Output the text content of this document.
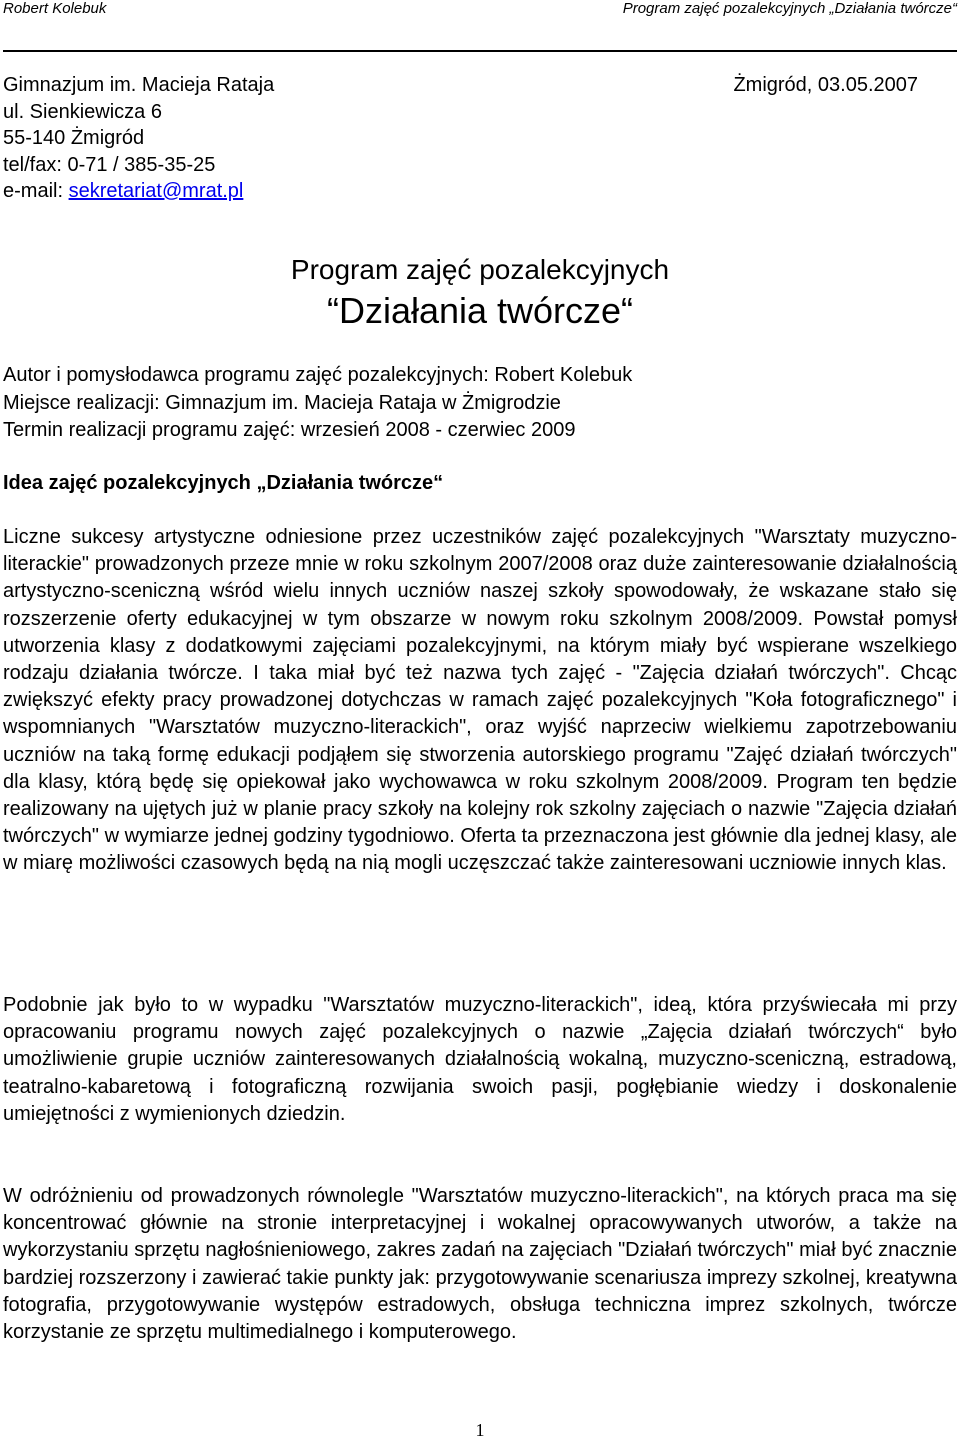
Robert Kolebuk	Program zajęć pozalekcyjnych „Działania twórcze“
Gimnazjum im. Macieja Rataja
ul. Sienkiewicza 6
55-140 Żmigród
tel/fax: 0-71 / 385-35-25
e-mail: sekretariat@mrat.pl
Żmigród, 03.05.2007
Program zajęć pozalekcyjnych
“Działania twórcze“
Autor i pomysłodawca programu zajęć pozalekcyjnych: Robert Kolebuk
Miejsce realizacji: Gimnazjum im. Macieja Rataja w Żmigrodzie
Termin realizacji programu zajęć: wrzesień 2008 - czerwiec 2009
Idea zajęć pozalekcyjnych „Działania twórcze“

Liczne sukcesy artystyczne odniesione przez uczestników zajęć pozalekcyjnych "Warsztaty muzyczno-literackie" prowadzonych przeze mnie w roku szkolnym 2007/2008 oraz duże zainteresowanie działalnością artystyczno-sceniczną wśród wielu innych uczniów naszej szkoły spowodowały, że wskazane stało się rozszerzenie oferty edukacyjnej w tym obszarze w nowym roku szkolnym 2008/2009. Powstał pomysł utworzenia klasy z dodatkowymi zajęciami pozalekcyjnymi, na którym miały być wspierane wszelkiego rodzaju działania twórcze. I taka miał być też nazwa tych zajęć - "Zajęcia działań twórczych". Chcąc zwiększyć efekty pracy prowadzonej dotychczas w ramach zajęć pozalekcyjnych "Koła fotograficznego" i wspomnianych "Warsztatów muzyczno-literackich", oraz wyjść naprzeciw wielkiemu zapotrzebowaniu uczniów na taką formę edukacji podjąłem się stworzenia autorskiego programu "Zajęć działań twórczych" dla klasy, którą będę się opiekował jako wychowawca w roku szkolnym 2008/2009. Program ten będzie realizowany na ujętych już w planie pracy szkoły na kolejny rok szkolny zajęciach o nazwie "Zajęcia działań twórczych" w wymiarze jednej godziny tygodniowo. Oferta ta przeznaczona jest głównie dla jednej klasy, ale w miarę możliwości czasowych będą na nią mogli uczęszczać także zainteresowani uczniowie innych klas.

Podobnie jak było to w wypadku "Warsztatów muzyczno-literackich", ideą, która przyświecała mi przy opracowaniu programu nowych zajęć pozalekcyjnych o nazwie „Zajęcia działań twórczych“ było umożliwienie grupie uczniów zainteresowanych działalnością wokalną, muzyczno-sceniczną, estradową, teatralno-kabaretową i fotograficzną rozwijania swoich pasji, pogłębianie wiedzy i doskonalenie umiejętności z wymienionych dziedzin.

W odróżnieniu od prowadzonych równolegle "Warsztatów muzyczno-literackich", na których praca ma się koncentrować głównie na stronie interpretacyjnej i wokalnej opracowywanych utworów, a także na wykorzystaniu sprzętu nagłośnieniowego, zakres zadań na zajęciach "Działań twórczych" miał być znacznie bardziej rozszerzony i zawierać takie punkty jak: przygotowywanie scenariusza imprezy szkolnej, kreatywna fotografia, przygotowywanie występów estradowych, obsługa techniczna imprez szkolnych, twórcze korzystanie ze sprzętu multimedialnego i komputerowego.

1
